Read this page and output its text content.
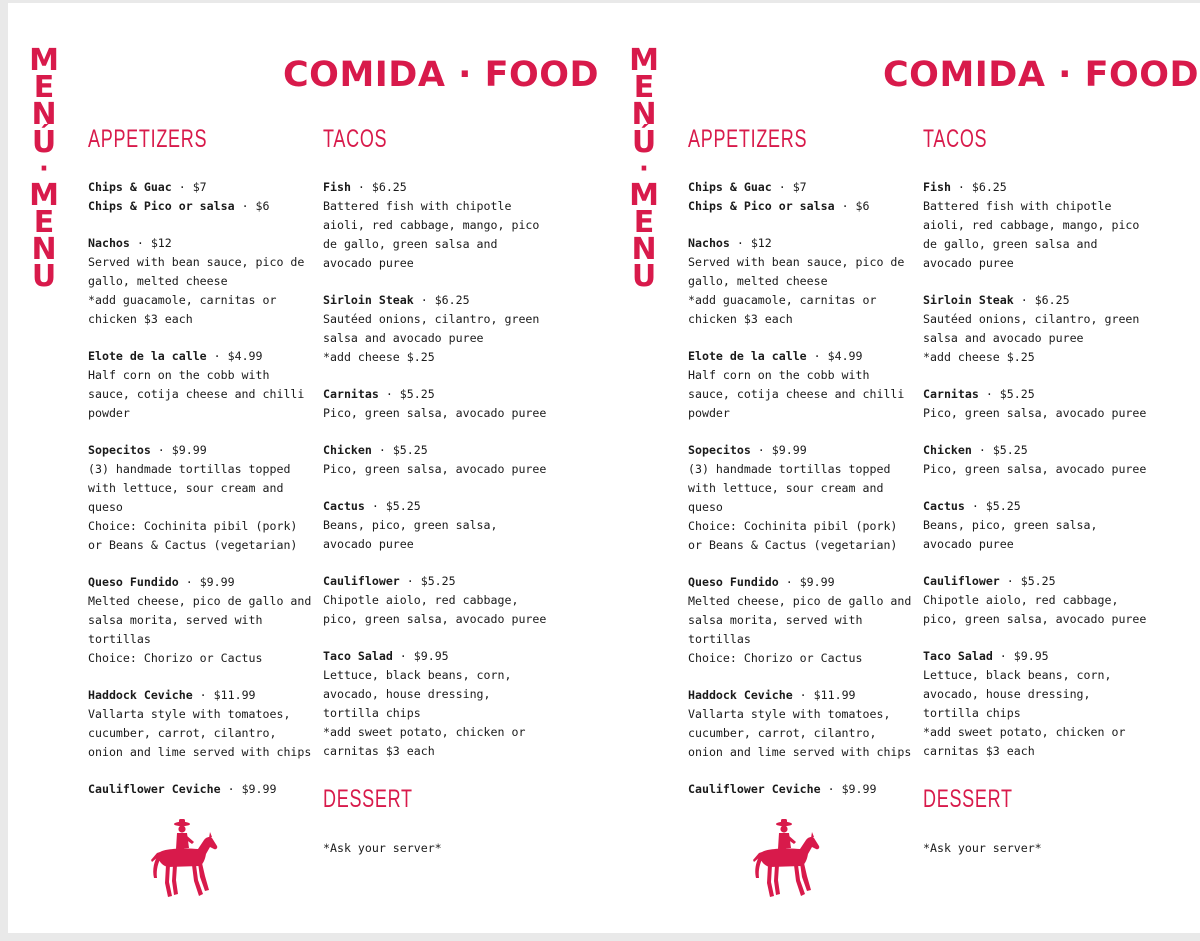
M
E
N
Ú
·
M
E
N
U
COMIDA · FOOD
APPETIZERS
Chips & Guac · $7
Chips & Pico or salsa · $6
Nachos · $12
Served with bean sauce, pico de gallo, melted cheese
*add guacamole, carnitas or chicken $3 each
Elote de la calle · $4.99
Half corn on the cobb with sauce, cotija cheese and chilli powder
Sopecitos · $9.99
(3) handmade tortillas topped with lettuce, sour cream and queso
Choice: Cochinita pibil (pork) or Beans & Cactus (vegetarian)
Queso Fundido · $9.99
Melted cheese, pico de gallo and salsa morita, served with tortillas
Choice: Chorizo or Cactus
Haddock Ceviche · $11.99
Vallarta style with tomatoes, cucumber, carrot, cilantro, onion and lime served with chips
Cauliflower Ceviche · $9.99
TACOS
Fish · $6.25
Battered fish with chipotle aioli, red cabbage, mango, pico de gallo, green salsa and avocado puree
Sirloin Steak · $6.25
Sautéed onions, cilantro, green salsa and avocado puree
*add cheese $.25
Carnitas · $5.25
Pico, green salsa, avocado puree
Chicken · $5.25
Pico, green salsa, avocado puree
Cactus · $5.25
Beans, pico, green salsa, avocado puree
Cauliflower · $5.25
Chipotle aiolo, red cabbage, pico, green salsa, avocado puree
Taco Salad · $9.95
Lettuce, black beans, corn, avocado, house dressing, tortilla chips
*add sweet potato, chicken or carnitas $3 each
DESSERT
*Ask your server*
M
E
N
Ú
·
M
E
N
U
COMIDA · FOOD
APPETIZERS
Chips & Guac · $7
Chips & Pico or salsa · $6
Nachos · $12
Served with bean sauce, pico de gallo, melted cheese
*add guacamole, carnitas or chicken $3 each
Elote de la calle · $4.99
Half corn on the cobb with sauce, cotija cheese and chilli powder
Sopecitos · $9.99
(3) handmade tortillas topped with lettuce, sour cream and queso
Choice: Cochinita pibil (pork) or Beans & Cactus (vegetarian)
Queso Fundido · $9.99
Melted cheese, pico de gallo and salsa morita, served with tortillas
Choice: Chorizo or Cactus
Haddock Ceviche · $11.99
Vallarta style with tomatoes, cucumber, carrot, cilantro, onion and lime served with chips
Cauliflower Ceviche · $9.99
TACOS
Fish · $6.25
Battered fish with chipotle aioli, red cabbage, mango, pico de gallo, green salsa and avocado puree
Sirloin Steak · $6.25
Sautéed onions, cilantro, green salsa and avocado puree
*add cheese $.25
Carnitas · $5.25
Pico, green salsa, avocado puree
Chicken · $5.25
Pico, green salsa, avocado puree
Cactus · $5.25
Beans, pico, green salsa, avocado puree
Cauliflower · $5.25
Chipotle aiolo, red cabbage, pico, green salsa, avocado puree
Taco Salad · $9.95
Lettuce, black beans, corn, avocado, house dressing, tortilla chips
*add sweet potato, chicken or carnitas $3 each
DESSERT
*Ask your server*
